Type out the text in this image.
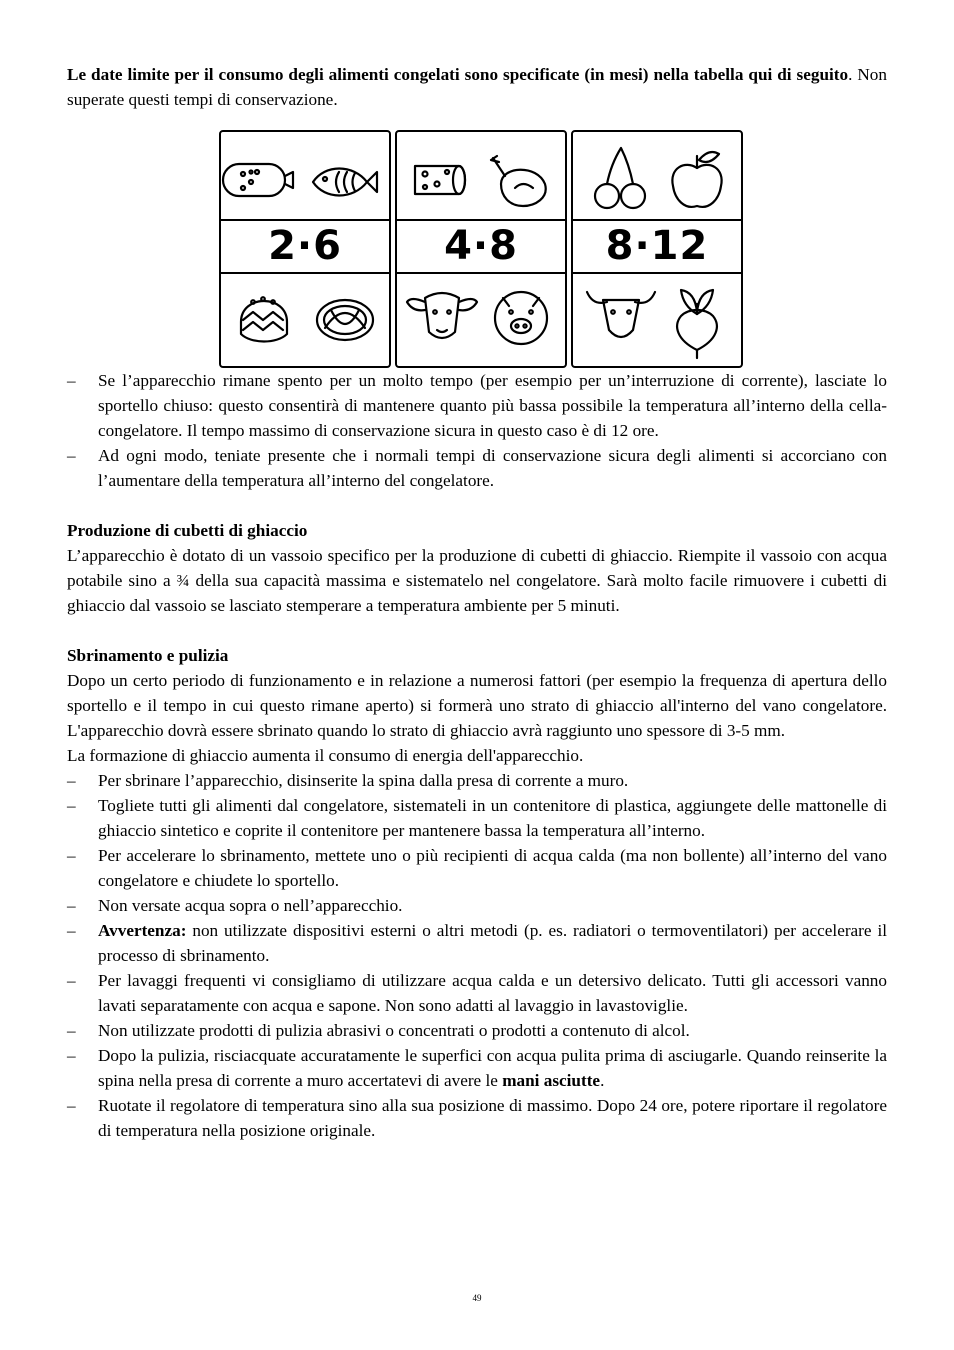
Le date limite per il consumo degli alimenti congelati sono specificate (in mesi) nella tabella qui di seguito. Non superate questi tempi di conservazione.

2·6	4·8	8·12
– Se l’apparecchio rimane spento per un molto tempo (per esempio per un’interruzione di corrente), lasciate lo sportello chiuso: questo consentirà di mantenere quanto più bassa possibile la temperatura all’interno della cella-congelatore. Il tempo massimo di conservazione sicura in questo caso è di 12 ore.
– Ad ogni modo, teniate presente che i normali tempi di conservazione sicura degli alimenti si accorciano con l’aumentare della temperatura all’interno del congelatore.
Produzione di cubetti di ghiaccio

L’apparecchio è dotato di un vassoio specifico per la produzione di cubetti di ghiaccio. Riempite il vassoio con acqua potabile sino a ¾ della sua capacità massima e sistematelo nel congelatore. Sarà molto facile rimuovere i cubetti di ghiaccio dal vassoio se lasciato stemperare a temperatura ambiente per 5 minuti.

Sbrinamento e pulizia

Dopo un certo periodo di funzionamento e in relazione a numerosi fattori (per esempio la frequenza di apertura dello sportello e il tempo in cui questo rimane aperto) si formerà uno strato di ghiaccio all'interno del vano congelatore. L'apparecchio dovrà essere sbrinato quando lo strato di ghiaccio avrà raggiunto uno spessore di 3-5 mm.

La formazione di ghiaccio aumenta il consumo di energia dell'apparecchio.

– Per sbrinare l’apparecchio, disinserite la spina dalla presa di corrente a muro.
– Togliete tutti gli alimenti dal congelatore, sistemateli in un contenitore di plastica, aggiungete delle mattonelle di ghiaccio sintetico e coprite il contenitore per mantenere bassa la temperatura all’interno.
– Per accelerare lo sbrinamento, mettete uno o più recipienti di acqua calda (ma non bollente) all’interno del vano congelatore e chiudete lo sportello.
– Non versate acqua sopra o nell’apparecchio.
– Avvertenza: non utilizzate dispositivi esterni o altri metodi (p. es. radiatori o termoventilatori) per accelerare il processo di sbrinamento.
– Per lavaggi frequenti vi consigliamo di utilizzare acqua calda e un detersivo delicato. Tutti gli accessori vanno lavati separatamente con acqua e sapone. Non sono adatti al lavaggio in lavastoviglie.
– Non utilizzate prodotti di pulizia abrasivi o concentrati o prodotti a contenuto di alcol.
– Dopo la pulizia, risciacquate accuratamente le superfici con acqua pulita prima di asciugarle. Quando reinserite la spina nella presa di corrente a muro accertatevi di avere le mani asciutte.
– Ruotate il regolatore di temperatura sino alla sua posizione di massimo. Dopo 24 ore, potere riportare il regolatore di temperatura nella posizione originale.
49
